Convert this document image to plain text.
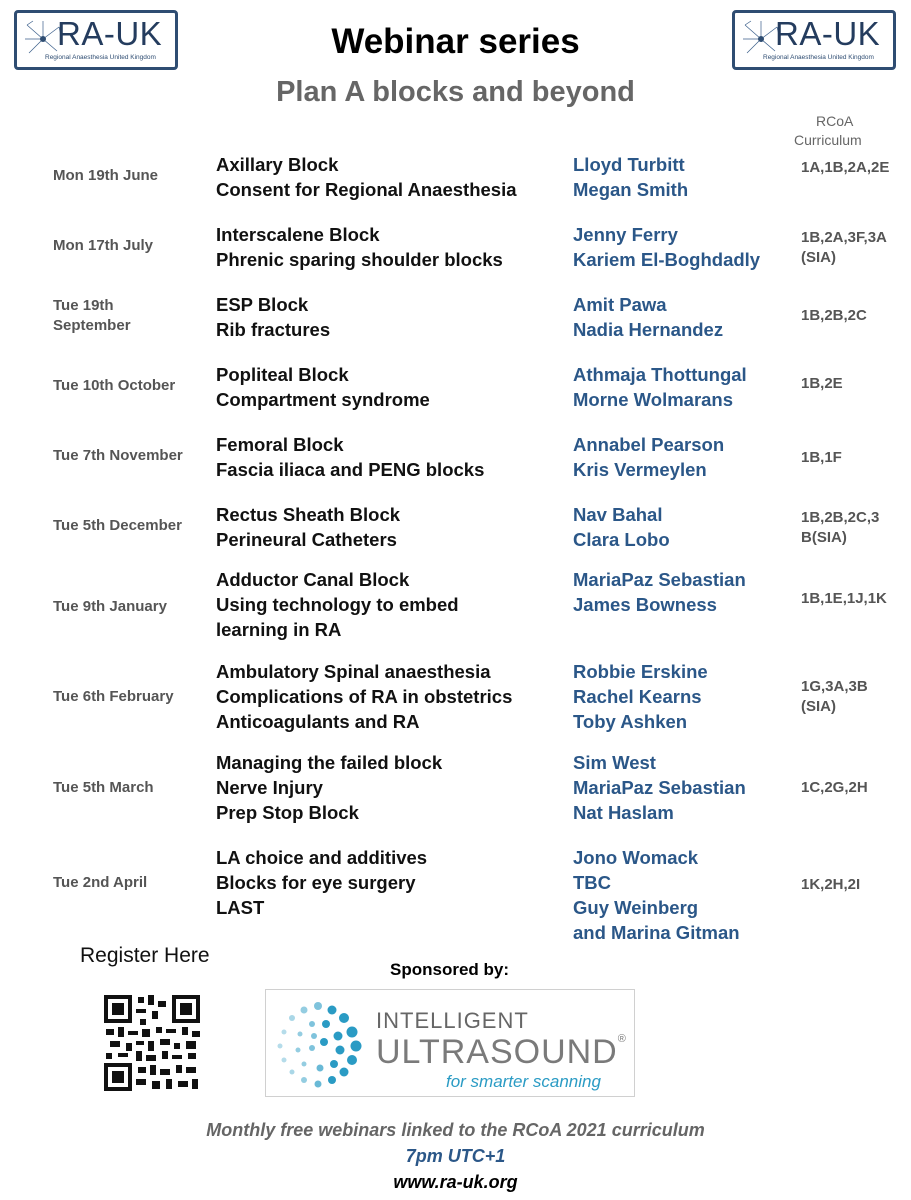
RA-UK
Regional Anaesthesia United Kingdom
RA-UK
Regional Anaesthesia United Kingdom
Webinar series
Plan A blocks and beyond
RCoA
Curriculum
Mon 19th June
Axillary Block
Consent for Regional Anaesthesia
Lloyd Turbitt
Megan Smith
1A,1B,2A,2E
Mon 17th July
Interscalene Block
Phrenic sparing shoulder blocks
Jenny Ferry
Kariem El-Boghdadly
1B,2A,3F,3A(SIA)
Tue 19th
September
ESP Block
Rib fractures
Amit Pawa
Nadia Hernandez
1B,2B,2C
Tue 10th October
Popliteal Block
Compartment syndrome
Athmaja Thottungal
Morne Wolmarans
1B,2E
Tue 7th November
Femoral Block
Fascia iliaca and PENG blocks
Annabel Pearson
Kris Vermeylen
1B,1F
Tue 5th December
Rectus Sheath Block
Perineural Catheters
Nav Bahal
Clara Lobo
1B,2B,2C,3B(SIA)
Tue 9th January
Adductor Canal Block
Using technology to embed
learning in RA
MariaPaz Sebastian
James Bowness	1B,1E,1J,1K
Tue 6th February
Ambulatory Spinal anaesthesia
Complications of RA in obstetrics
Anticoagulants and RA
Robbie Erskine
Rachel Kearns
Toby Ashken
1G,3A,3B(SIA)
Tue 5th March
Managing the failed block
Nerve Injury
Prep Stop Block
Sim West
MariaPaz Sebastian
Nat Haslam
1C,2G,2H
Tue 2nd April
LA choice and additives
Blocks for eye surgery
LAST
Jono Womack
TBC
Guy Weinberg
and Marina Gitman
1K,2H,2I
Register Here
Sponsored by:
INTELLIGENT
ULTRASOUND®
for smarter scanning
Monthly free webinars linked to the RCoA 2021 curriculum
7pm UTC+1
www.ra-uk.org
